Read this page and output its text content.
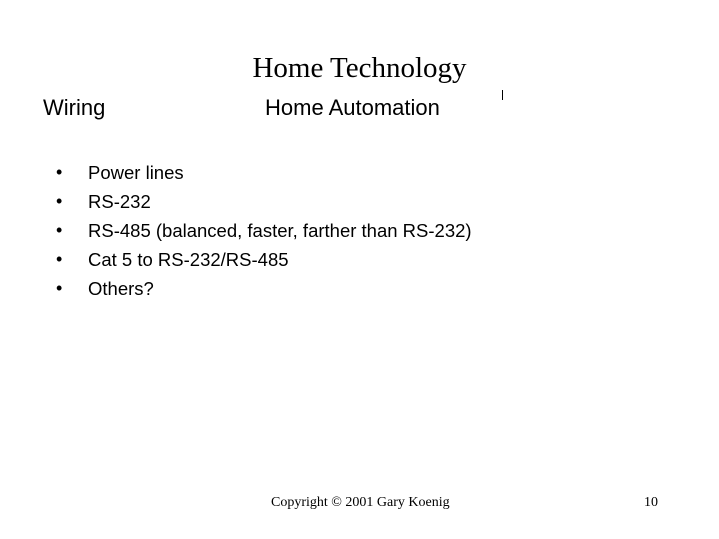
Home Technology
Wiring	Home Automation
•	Power lines
•	RS-232
•	RS-485 (balanced, faster, farther than RS-232)
•	Cat 5 to RS-232/RS-485
•	Others?
Copyright © 2001 Gary Koenig	10
